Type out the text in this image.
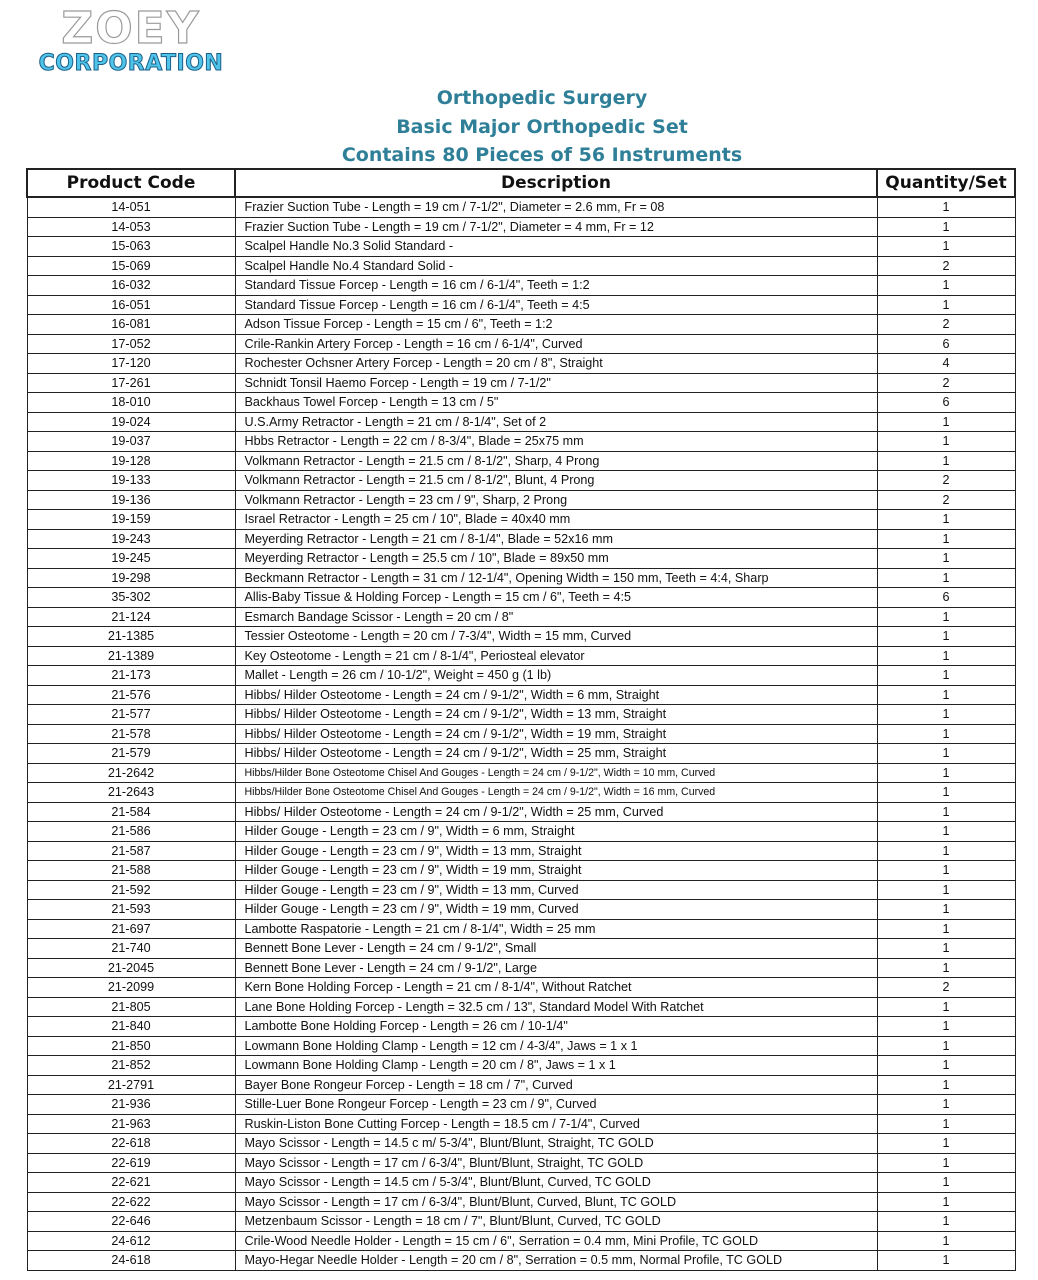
ZOEY
CORPORATION
Orthopedic Surgery
Basic Major Orthopedic Set
Contains 80 Pieces of 56 Instruments
Product Code	Description	Quantity/Set
14-051	Frazier Suction Tube - Length = 19 cm / 7-1/2", Diameter = 2.6 mm, Fr = 08	1
14-053	Frazier Suction Tube - Length = 19 cm / 7-1/2", Diameter = 4 mm, Fr = 12	1
15-063	Scalpel Handle No.3 Solid Standard -	1
15-069	Scalpel Handle No.4 Standard Solid -	2
16-032	Standard Tissue Forcep - Length = 16 cm / 6-1/4", Teeth = 1:2	1
16-051	Standard Tissue Forcep - Length = 16 cm / 6-1/4", Teeth = 4:5	1
16-081	Adson Tissue Forcep - Length = 15 cm / 6", Teeth = 1:2	2
17-052	Crile-Rankin Artery Forcep - Length = 16 cm / 6-1/4", Curved	6
17-120	Rochester Ochsner Artery Forcep - Length = 20 cm / 8", Straight	4
17-261	Schnidt Tonsil Haemo Forcep - Length = 19 cm / 7-1/2"	2
18-010	Backhaus Towel Forcep - Length = 13 cm / 5"	6
19-024	U.S.Army Retractor - Length = 21 cm / 8-1/4", Set of 2	1
19-037	Hbbs Retractor - Length = 22 cm / 8-3/4", Blade = 25x75 mm	1
19-128	Volkmann Retractor - Length = 21.5 cm / 8-1/2", Sharp, 4 Prong	1
19-133	Volkmann Retractor - Length = 21.5 cm / 8-1/2", Blunt, 4 Prong	2
19-136	Volkmann Retractor - Length = 23 cm / 9", Sharp, 2 Prong	2
19-159	Israel Retractor - Length = 25 cm / 10", Blade = 40x40 mm	1
19-243	Meyerding Retractor - Length = 21 cm / 8-1/4", Blade = 52x16 mm	1
19-245	Meyerding Retractor - Length = 25.5 cm / 10", Blade = 89x50 mm	1
19-298	Beckmann Retractor - Length = 31 cm / 12-1/4", Opening Width = 150 mm, Teeth = 4:4, Sharp	1
35-302	Allis-Baby Tissue & Holding Forcep - Length = 15 cm / 6", Teeth = 4:5	6
21-124	Esmarch Bandage Scissor - Length = 20 cm / 8"	1
21-1385	Tessier Osteotome - Length = 20 cm / 7-3/4", Width = 15 mm, Curved	1
21-1389	Key Osteotome - Length = 21 cm / 8-1/4", Periosteal elevator	1
21-173	Mallet - Length = 26 cm / 10-1/2", Weight = 450 g (1 lb)	1
21-576	Hibbs/ Hilder Osteotome - Length = 24 cm / 9-1/2", Width = 6 mm, Straight	1
21-577	Hibbs/ Hilder Osteotome - Length = 24 cm / 9-1/2", Width = 13 mm, Straight	1
21-578	Hibbs/ Hilder Osteotome - Length = 24 cm / 9-1/2", Width = 19 mm, Straight	1
21-579	Hibbs/ Hilder Osteotome - Length = 24 cm / 9-1/2", Width = 25 mm, Straight	1
21-2642	Hibbs/Hilder Bone Osteotome Chisel And Gouges - Length = 24 cm / 9-1/2", Width = 10 mm, Curved	1
21-2643	Hibbs/Hilder Bone Osteotome Chisel And Gouges - Length = 24 cm / 9-1/2", Width = 16 mm, Curved	1
21-584	Hibbs/ Hilder Osteotome - Length = 24 cm / 9-1/2", Width = 25 mm, Curved	1
21-586	Hilder Gouge - Length = 23 cm / 9", Width = 6 mm, Straight	1
21-587	Hilder Gouge - Length = 23 cm / 9", Width = 13 mm, Straight	1
21-588	Hilder Gouge - Length = 23 cm / 9", Width = 19 mm, Straight	1
21-592	Hilder Gouge - Length = 23 cm / 9", Width = 13 mm, Curved	1
21-593	Hilder Gouge - Length = 23 cm / 9", Width = 19 mm, Curved	1
21-697	Lambotte Raspatorie - Length = 21 cm / 8-1/4", Width = 25 mm	1
21-740	Bennett Bone Lever - Length = 24 cm / 9-1/2", Small	1
21-2045	Bennett Bone Lever - Length = 24 cm / 9-1/2", Large	1
21-2099	Kern Bone Holding Forcep - Length = 21 cm / 8-1/4", Without Ratchet	2
21-805	Lane Bone Holding Forcep - Length = 32.5 cm / 13", Standard Model With Ratchet	1
21-840	Lambotte Bone Holding Forcep - Length = 26 cm / 10-1/4"	1
21-850	Lowmann Bone Holding Clamp - Length = 12 cm / 4-3/4", Jaws = 1 x 1	1
21-852	Lowmann Bone Holding Clamp - Length = 20 cm / 8", Jaws = 1 x 1	1
21-2791	Bayer Bone Rongeur Forcep - Length = 18 cm / 7", Curved	1
21-936	Stille-Luer Bone Rongeur Forcep - Length = 23 cm / 9", Curved	1
21-963	Ruskin-Liston Bone Cutting Forcep - Length = 18.5 cm / 7-1/4", Curved	1
22-618	Mayo Scissor - Length = 14.5 c m/ 5-3/4", Blunt/Blunt, Straight, TC GOLD	1
22-619	Mayo Scissor - Length = 17 cm / 6-3/4", Blunt/Blunt, Straight, TC GOLD	1
22-621	Mayo Scissor - Length = 14.5 cm / 5-3/4", Blunt/Blunt, Curved, TC GOLD	1
22-622	Mayo Scissor - Length = 17 cm / 6-3/4", Blunt/Blunt, Curved, Blunt, TC GOLD	1
22-646	Metzenbaum Scissor - Length = 18 cm / 7", Blunt/Blunt, Curved, TC GOLD	1
24-612	Crile-Wood Needle Holder - Length = 15 cm / 6", Serration = 0.4 mm, Mini Profile, TC GOLD	1
24-618	Mayo-Hegar Needle Holder - Length = 20 cm / 8", Serration = 0.5 mm, Normal Profile, TC GOLD	1
